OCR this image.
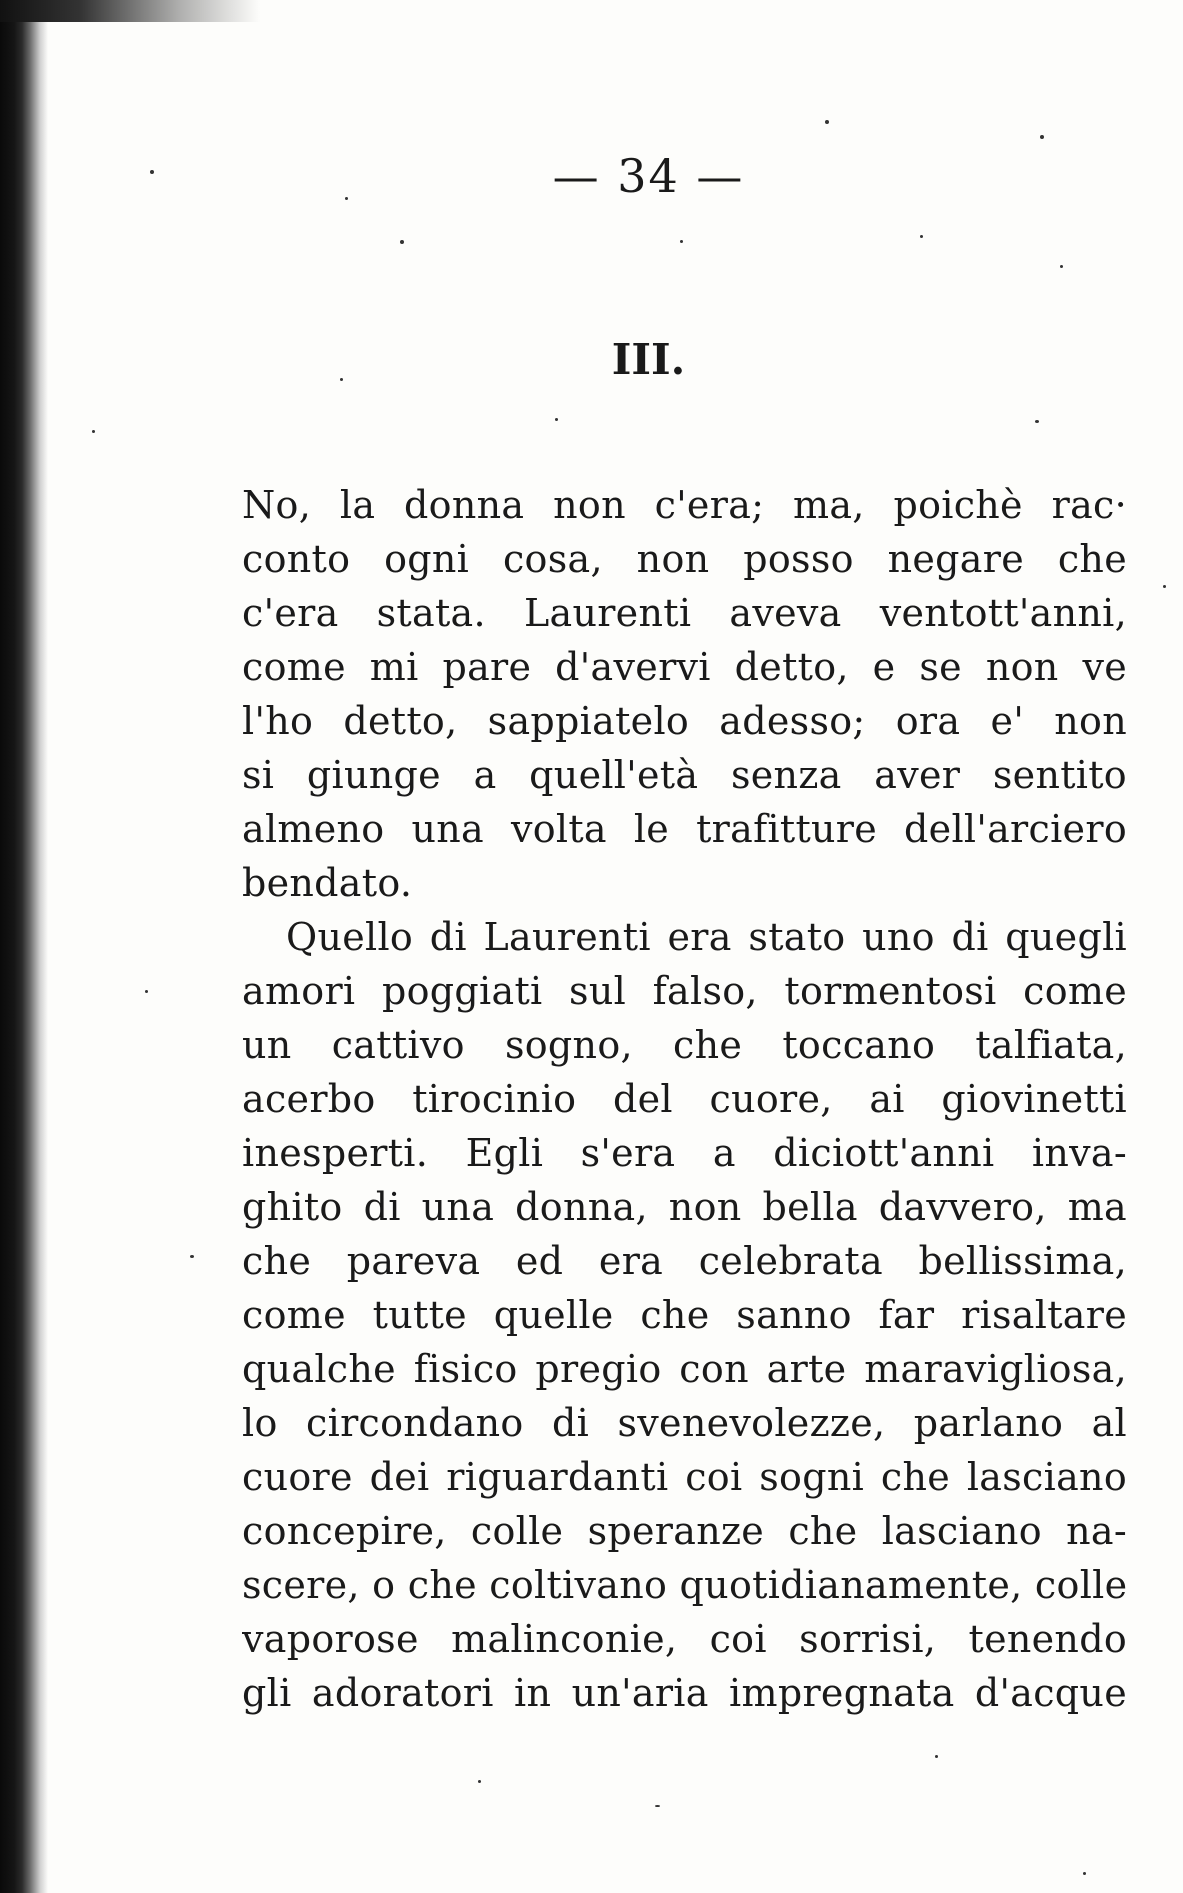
— 34 —
III.
No, la donna non c'era; ma, poichè rac·
conto ogni cosa, non posso negare che
c'era stata. Laurenti aveva ventott'anni,
come mi pare d'avervi detto, e se non ve
l'ho detto, sappiatelo adesso; ora e' non
si giunge a quell'età senza aver sentito
almeno una volta le trafitture dell'arciero
bendato.
Quello di Laurenti era stato uno di quegli
amori poggiati sul falso, tormentosi come
un cattivo sogno, che toccano talfiata,
acerbo tirocinio del cuore, ai giovinetti
inesperti. Egli s'era a diciott'anni inva-
ghito di una donna, non bella davvero, ma
che pareva ed era celebrata bellissima,
come tutte quelle che sanno far risaltare
qualche fisico pregio con arte maravigliosa,
lo circondano di svenevolezze, parlano al
cuore dei riguardanti coi sogni che lasciano
concepire, colle speranze che lasciano na-
scere, o che coltivano quotidianamente, colle
vaporose malinconie, coi sorrisi, tenendo
gli adoratori in un'aria impregnata d'acque
